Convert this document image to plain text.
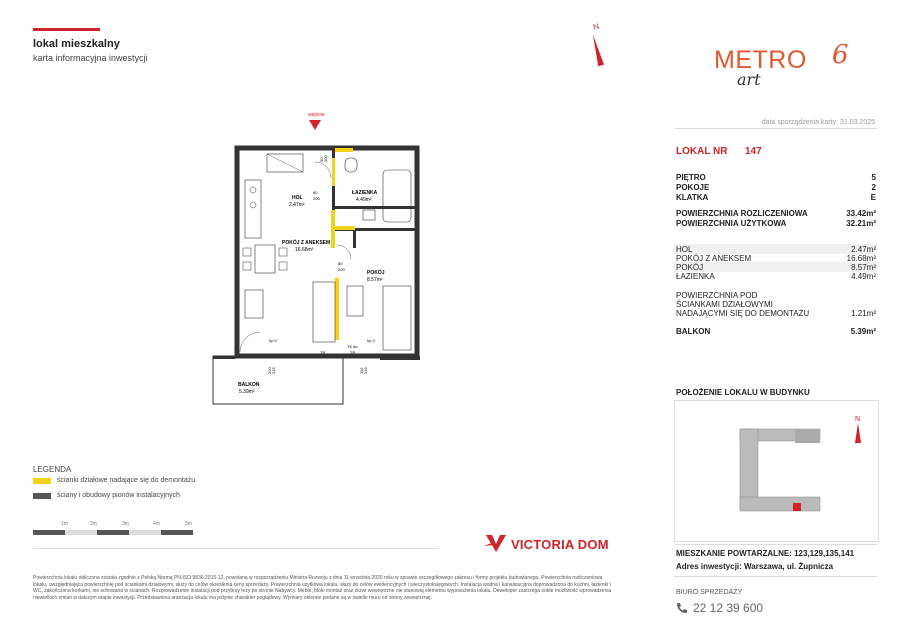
lokal mieszkalny
karta informacyjna inwestycji
N
METRO
art
6
data sporządzenia karty: 31.03.2025
LOKAL NR 147
PIĘTRO	5
POKOJE	2
KLATKA	E
POWIERZCHNIA ROZLICZENIOWA	33.42m²
POWIERZCHNIA UŻYTKOWA	32.21m²
HOL	2.47m²
POKÓJ Z ANEKSEM	16.68m²
POKÓJ	8.57m²
ŁAZIENKA	4.49m²
POWIERZCHNIA POD
ŚCIANKAMI DZIAŁOWYMI
NADAJĄCYMI SIĘ DO DEMONTAŻU	1.21m²
BALKON	5.39m²
wejście
HOL
2.47m²
ŁAZIENKA
4.49m²
POKÓJ Z ANEKSEM
16.68m²
POKÓJ
8.57m²
BALKON
5.39m²
90 200
80
200
80
200
hp 0	hp 0
TK 8c
TR	TR
220 215	110 215
LEGENDA
ścianki działowe nadające się do demontażu
ściany i obudowy pionów instalacyjnych
1m	2m	3m	4m	5m
VICTORIA DOM
Powierzchnia lokalu obliczona zostala zgodnie z Polską Normą PN-ISO 9836:2015-12, powołaną w rozporządzeniu Ministra Rozwoju z dnia 11 września 2020 roku w sprawie szczegółowego zakresu i formy projektu budowlanego. Powierzchnia rozliczeniowa lokalu, uwzględniająca powierzchnię pod ściankami działowymi, służy do celów określenia ceny sprzedaży. Powierzchnia użytkowa lokalu, służy do celów ewidencyjnych i wieczystoksięgowych. Instalacja wodna i kanalizacyjna doprowadzona do kuchni, łazienki i WC, zakończona korkami, nie schowana w ścianach. Rozprowadzenie instalacji pod przybory leży po stronie Nabywcy. Meble, bloki montaż oraz drzwi wewnętrzne nie stanowią elementu wyposażenia lokalu. Deweloper zastrzega sobie możliwość wprowadzenia niewielkich zmian w dalszym etapie inwestycji. Przedstawiona aranżacja lokalu ma jedynie charakter poglądowy. Wymiary okienne podane są w świetle muru od strony zewnętrznej.
POŁOŻENIE LOKALU W BUDYNKU
N
MIESZKANIE POWTARZALNE: 123,129,135,141
Adres inwestycji: Warszawa, ul. Żupnicza
BIURO SPRZEDAŻY
22 12 39 600
